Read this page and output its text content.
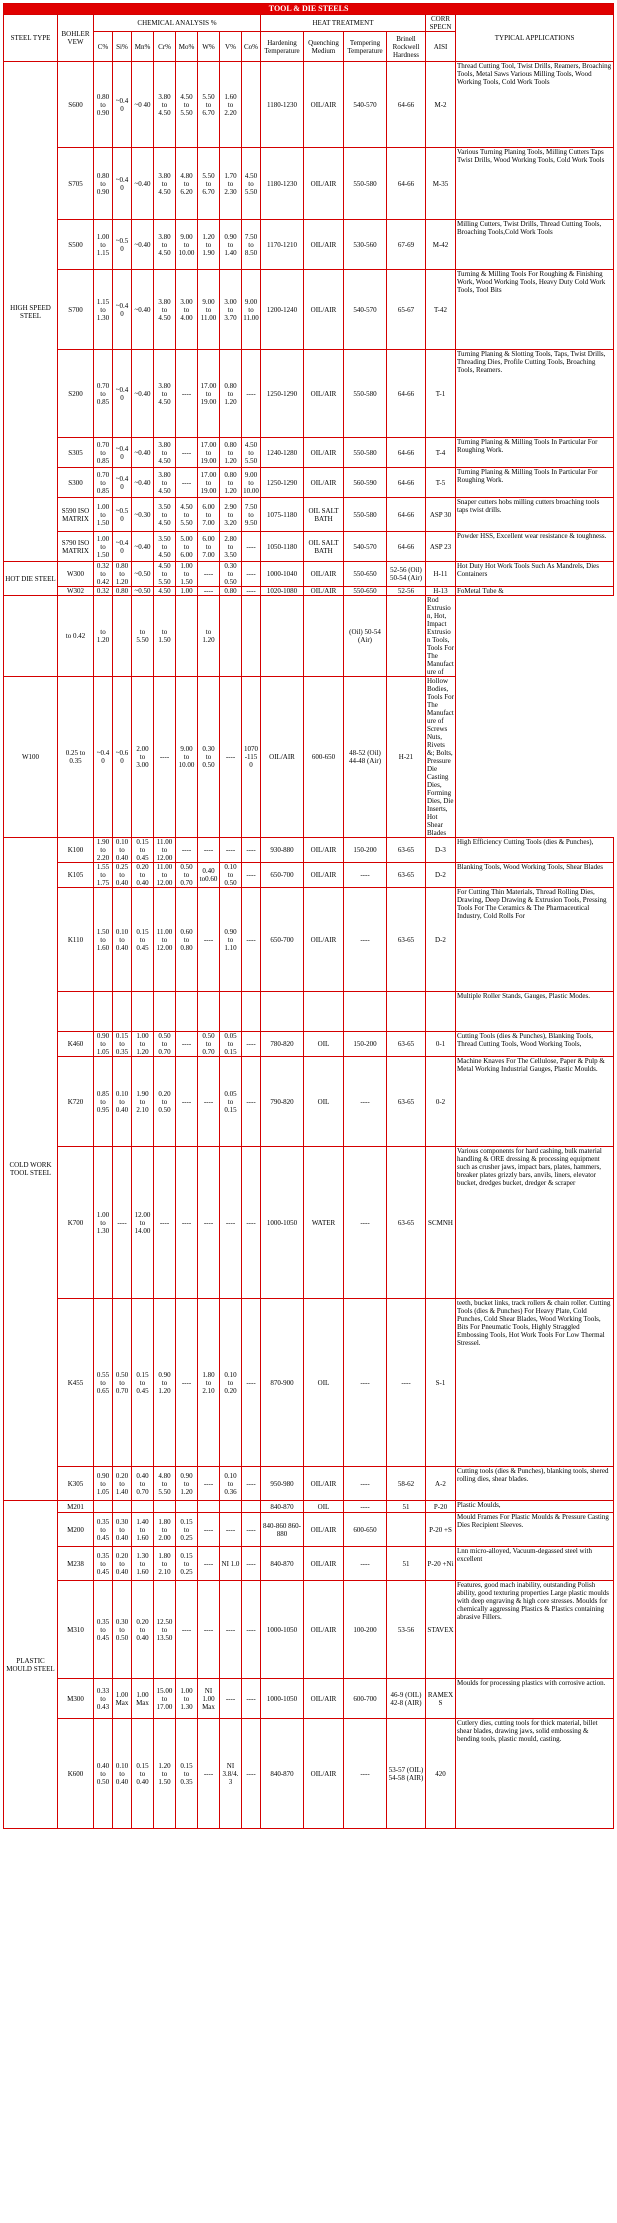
TOOL & DIE STEELS															
STEEL TYPE	BOHLER VEW	CHEMICAL ANALYSIS %								HEAT TREATMENT				CORR SPECN	TYPICAL APPLICATIONS
		C%	Si%	Mn%	Cr%	Mo%	W%	V%	Co%	Hardening Temperature	Quenching Medium	Tempering Temperature	Brinell Rockwell Hardness	AISI	
HIGH SPEED STEEL	S600	0.80 to 0.90	~0.40	~0 40	3.80 to 4.50	4.50 to 5.50	5.50 to 6.70	1.60 to 2.20		1180-1230	OIL/AIR	540-570	64-66	M-2	Thread Cutting Tool, Twist Drills, Reamers, Broaching Tools, Metal Saws Various Milling Tools, Wood Working Tools, Cold Work Tools
	S705	0.80 to 0.90	~0.40	~0.40	3.80 to 4.50	4.80 to 6.20	5.50 to 6.70	1.70 to 2.30	4.50 to 5.50	1180-1230	OIL/AIR	550-580	64-66	M-35	Various Turning Planing Tools, Milling Cutters Taps Twist Drills, Wood Working Tools, Cold Work Tools
	S500	1.00 to 1.15	~0.50	~0.40	3.80 to 4.50	9.00 to 10.00	1.20 to 1.90	0.90 to 1.40	7.50 to 8.50	1170-1210	OIL/AIR	530-560	67-69	M-42	Milling Cutters, Twist Drills, Thread Cutting Tools, Broaching Tools,Cold Work Tools
	S700	1.15 to 1.30	~0.40	~0.40	3.80 to 4.50	3.00 to 4.00	9.00 to 11.00	3.00 to 3.70	9.00 to 11.00	1200-1240	OIL/AIR	540-570	65-67	T-42	Turning & Milling Tools For Roughing & Finishing Work, Wood Working Tools, Heavy Duty Cold Work Tools, Tool Bits
	S200	0.70 to 0.85	~0.40	~0.40	3.80 to 4.50	----	17.00 to 19.00	0.80 to 1.20	----	1250-1290	OIL/AIR	550-580	64-66	T-1	Turning Planing & Slotting Tools, Taps, Twist Drills, Threading Dies, Profile Cutting Tools, Broaching Tools, Reamers.
	S305	0.70 to 0.85	~0.40	~0.40	3.80 to 4.50	----	17.00 to 19.00	0.80 to 1.20	4.50 to 5.50	1240-1280	OIL/AIR	550-580	64-66	T-4	Turning Planing & Milling Tools In Particular For Roughing Work.
	S300	0.70 to 0.85	~0.40	~0.40	3.80 to 4.50	----	17.00 to 19.00	0.80 to 1.20	9.00 to 10.00	1250-1290	OIL/AIR	560-590	64-66	T-5	Turning Planing & Milling Tools In Particular For Roughing Work.
	S590 ISO MATRIX	1.00 to 1.50	~0.50	~0.30	3.50 to 4.50	4.50 to 5.50	6.00 to 7.00	2.90 to 3.20	7.50 to 9.50	1075-1180	OIL SALT BATH	550-580	64-66	ASP 30	Snaper cutters hobs milling cutters broaching tools taps twist drills.
	S790 ISO MATRIX	1.00 to 1.50	~0.40	~0.40	3.50 to 4.50	5.00 to 6.00	6.00 to 7.00	2.80 to 3.50	----	1050-1180	OIL SALT BATH	540-570	64-66	ASP 23	Powder HSS, Excellent wear resistance & toughness.
HOT DIE STEEL	W300	0.32 to 0.42	0.80 to 1.20	~0.50	4.50 to 5.50	1.00 to 1.50	----	0.30 to 0.50	----	1000-1040	OIL/AIR	550-650	52-56 (Oil) 50-54 (Air)	H-11	Hot Duty Hot Work Tools Such As Mandrels, Dies Containers
	W302	0.32	0.80	~0.50	4.50	1.00	----	0.80	----	1020-1080	OIL/AIR	550-650	52-56	H-13	FoMetal Tube &
	to 0.42	to 1.20		to 5.50	to 1.50		to 1.20					(Oil) 50-54 (Air)		Rod Extrusion, Hot, Impact Extrusion Tools, Tools For The Manufacture of	
W100	0.25 to 0.35	~0.40	~0.60	2.00 to 3.00	----	9.00 to 10.00	0.30 to 0.50	----	1070-1150	OIL/AIR	600-650	48-52 (Oil) 44-48 (Air)	H-21	Hollow Bodies, Tools For The Manufacture of Screws Nuts, Rivets &; Bolts, Pressure Die Casting Dies, Forming Dies, Die Inserts, Hot Shear Blades	
COLD WORK TOOL STEEL	K100	1.90 to 2.20	0.10 to 0.40	0.15 to 0.45	11.00 to 12.00	----	----	----	----	930-880	OIL/AIR	150-200	63-65	D-3	High Efficiency Cutting Tools (dies & Punches),
	K105	1.55 to 1.75	0.25 to 0.40	0.20 to 0.40	11.00 to 12.00	0.50 to 0.70	0.40 to0.60	0.10 to 0.50	----	650-700	OIL/AIR	----	63-65	D-2	Blanking Tools, Wood Working Tools, Shear Blades
	K110	1.50 to 1.60	0.10 to 0.40	0.15 to 0.45	11.00 to 12.00	0.60 to 0.80	----	0.90 to 1.10	----	650-700	OIL/AIR	----	63-65	D-2	For Cutting Thin Materials, Thread Rolling Dies, Drawing, Deep Drawing & Extrusion Tools, Pressing Tools For The Ceramics & The Pharmaceutical Industry, Cold Rolls For
															Multiple Roller Stands, Gauges, Plastic Modes.
	K460	0.90 to 1.05	0.15 to 0.35	1.00 to 1.20	0.50 to 0.70	----	0.50 to 0.70	0.05 to 0.15	----	780-820	OIL	150-200	63-65	0-1	Cutting Tools (dies & Punches), Blanking Tools, Thread Cutting Tools, Wood Working Tools,
	K720	0.85 to 0.95	0.10 to 0.40	1.90 to 2.10	0.20 to 0.50	----	----	0.05 to 0.15	----	790-820	OIL	----	63-65	0-2	Machine Knaves For The Cellulose, Paper & Pulp & Metal Working Industrial Gauges, Plastic Moulds.
	K700	1.00 to 1.30	----	12.00 to 14.00	----	----	----	----	----	1000-1050	WATER	----	63-65	SCMNH	Various components for hard cashing, bulk material handling & ORE dressing & processing equipment such as crusher jaws, impact bars, plates, hammers, breaker plates grizzly bars, anvils, liners, elevator bucket, dredges bucket, dredger & scraper
	K455	0.55 to 0.65	0.50 to 0.70	0.15 to 0.45	0.90 to 1.20	----	1.80 to 2.10	0.10 to 0.20	----	870-900	OIL	----	----	S-1	teeth, bucket links, track rollers & chain roller. Cutting Tools (dies & Punches) For Heavy Plate, Cold Punches, Cold Shear Blades, Wood Working Tools, Bits For Pneumatic Tools, Highly Straggled Embossing Tools, Hot Work Tools For Low Thermal Stressel.
	K305	0.90 to 1.05	0.20 to 1.40	0.40 to 0.70	4.80 to 5.50	0.90 to 1.20	----	0.10 to 0.36	----	950-980	OIL/AIR	----	58-62	A-2	Cutting tools (dies & Punches), blanking tools, shered rolling dies, shear blades.
PLASTIC MOULD STEEL	M201									840-870	OIL	----	51	P-20	Plastic Moulds,
	M200	0.35 to 0.45	0.30 to 0.40	1.40 to 1.60	1.80 to 2.00	0.15 to 0.25	----	----	----	840-860 860-880	OIL/AIR	600-650		P-20 +S	Mould Frames For Plastic Moulds & Pressure Casting Dies Recipient Sleeves.
	M238	0.35 to 0.45	0.20 to 0.40	1.30 to 1.60	1.80 to 2.10	0.15 to 0.25	----	NI 1.0	----	840-870	OIL/AIR	----	51	P-20 +Ni	Lnn micro-alloyed, Vacuum-degassed steel with excellent
	M310	0.35 to 0.45	0.30 to 0.50	0.20 to 0.40	12.50 to 13.50	----	----	----	----	1000-1050	OIL/AIR	100-200	53-56	STAVEX	Features, good mach inability, outstanding Polish ability, good texturing properties Large plastic moulds with deep engraving & high core stresses. Moulds for chemically aggressing Plastics & Plastics containing abrasive Fillers.
	M300	0.33 to 0.43	1.00 Max	1.00 Max	15.00 to 17.00	1.00 to 1.30	NI 1.00 Max	----	----	1000-1050	OIL/AIR	600-700	46-9 (OIL) 42-8 (AIR)	RAMEX S	Moulds for processing plastics with corrosive action.
	K600	0.40 to 0.50	0.10 to 0.40	0.15 to 0.40	1.20 to 1.50	0.15 to 0.35	----	NI 3.8/4. 3	----	840-870	OIL/AIR	----	53-57 (OIL) 54-58 (AIR)	420	Cutlery dies, cutting tools for thick material, billet shear blades, drawing jaws, solid embossing & bending tools, plastic mould, casting.
